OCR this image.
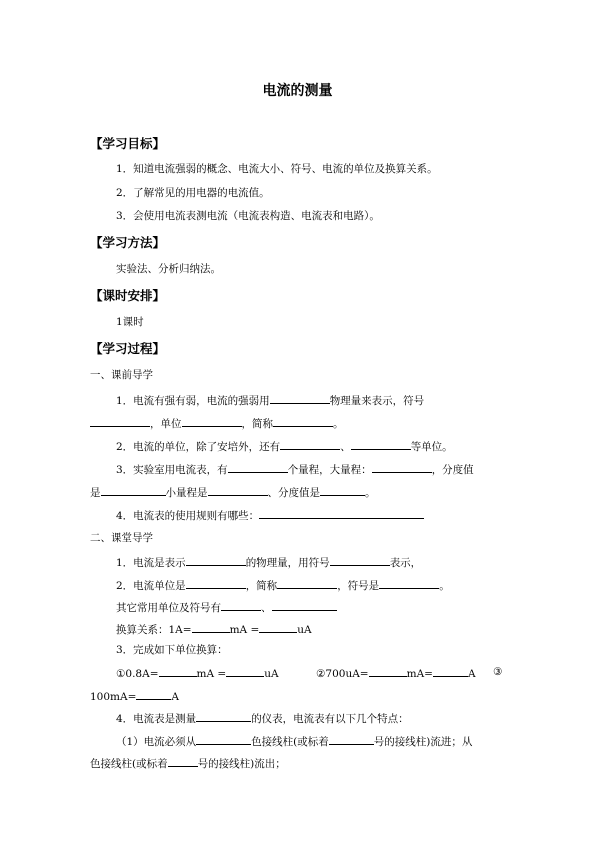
电流的测量
【学习目标】
1．知道电流强弱的概念、电流大小、符号、电流的单位及换算关系。
2．了解常见的用电器的电流值。
3．会使用电流表测电流（电流表构造、电流表和电路）。
【学习方法】
实验法、分析归纳法。
【课时安排】
1课时
【学习过程】
一、课前导学
1．电流有强有弱，电流的强弱用	物理量来表示，符号
，单位	，简称	。
2．电流的单位，除了安培外，还有	、	等单位。
3．实验室用电流表，有	个量程，大量程：	，分度值
是	小量程是	、分度值是	。
4．电流表的使用规则有哪些：
二、课堂导学
1．电流是表示	的物理量，用符号	表示，
2．电流单位是	，简称	，符号是	。
其它常用单位及符号有	、
换算关系：1A=	mA =	uA
3．完成如下单位换算：
①0.8A=	mA =	uA	②700uA=	mA=	A ③
100mA=	A
4．电流表是测量	的仪表，电流表有以下几个特点：
（1）电流必须从	色接线柱(或标着	号的接线柱)流进；从
色接线柱(或标着	号的接线柱)流出；
